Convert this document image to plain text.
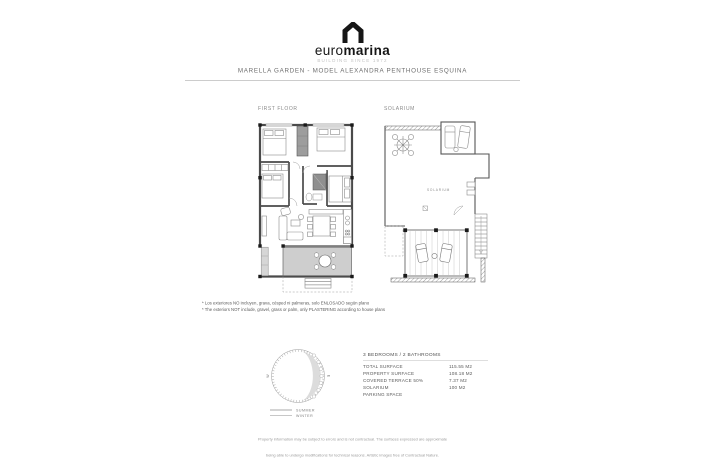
euromarina
BUILDING SINCE 1972
MARELLA GARDEN - MODEL ALEXANDRA PENTHOUSE ESQUINA
FIRST FLOOR	SOLARIUM
SOLARIUM
* Los exteriores NO incluyen, grava, césped ni palmeras, solo ENLOSADO según plano
* The exteriors NOT include, gravel, grass or palm, only PLASTERING according to house plans
W	E
SUMMER
WINTER
3 BEDROOMS / 2 BATHROOMS
TOTAL SURFACE	115.55 M2
PROPERTY SURFACE	108.18 M2
COVERED TERRACE 50%	7.37 M2
SOLARIUM	100 M2
PARKING SPACE
Property information may be subject to errors and is not contractual. The surfaces expressed are approximate
being able to undergo modifications for technical reasons. Artistic images free of Contractual Nature.
